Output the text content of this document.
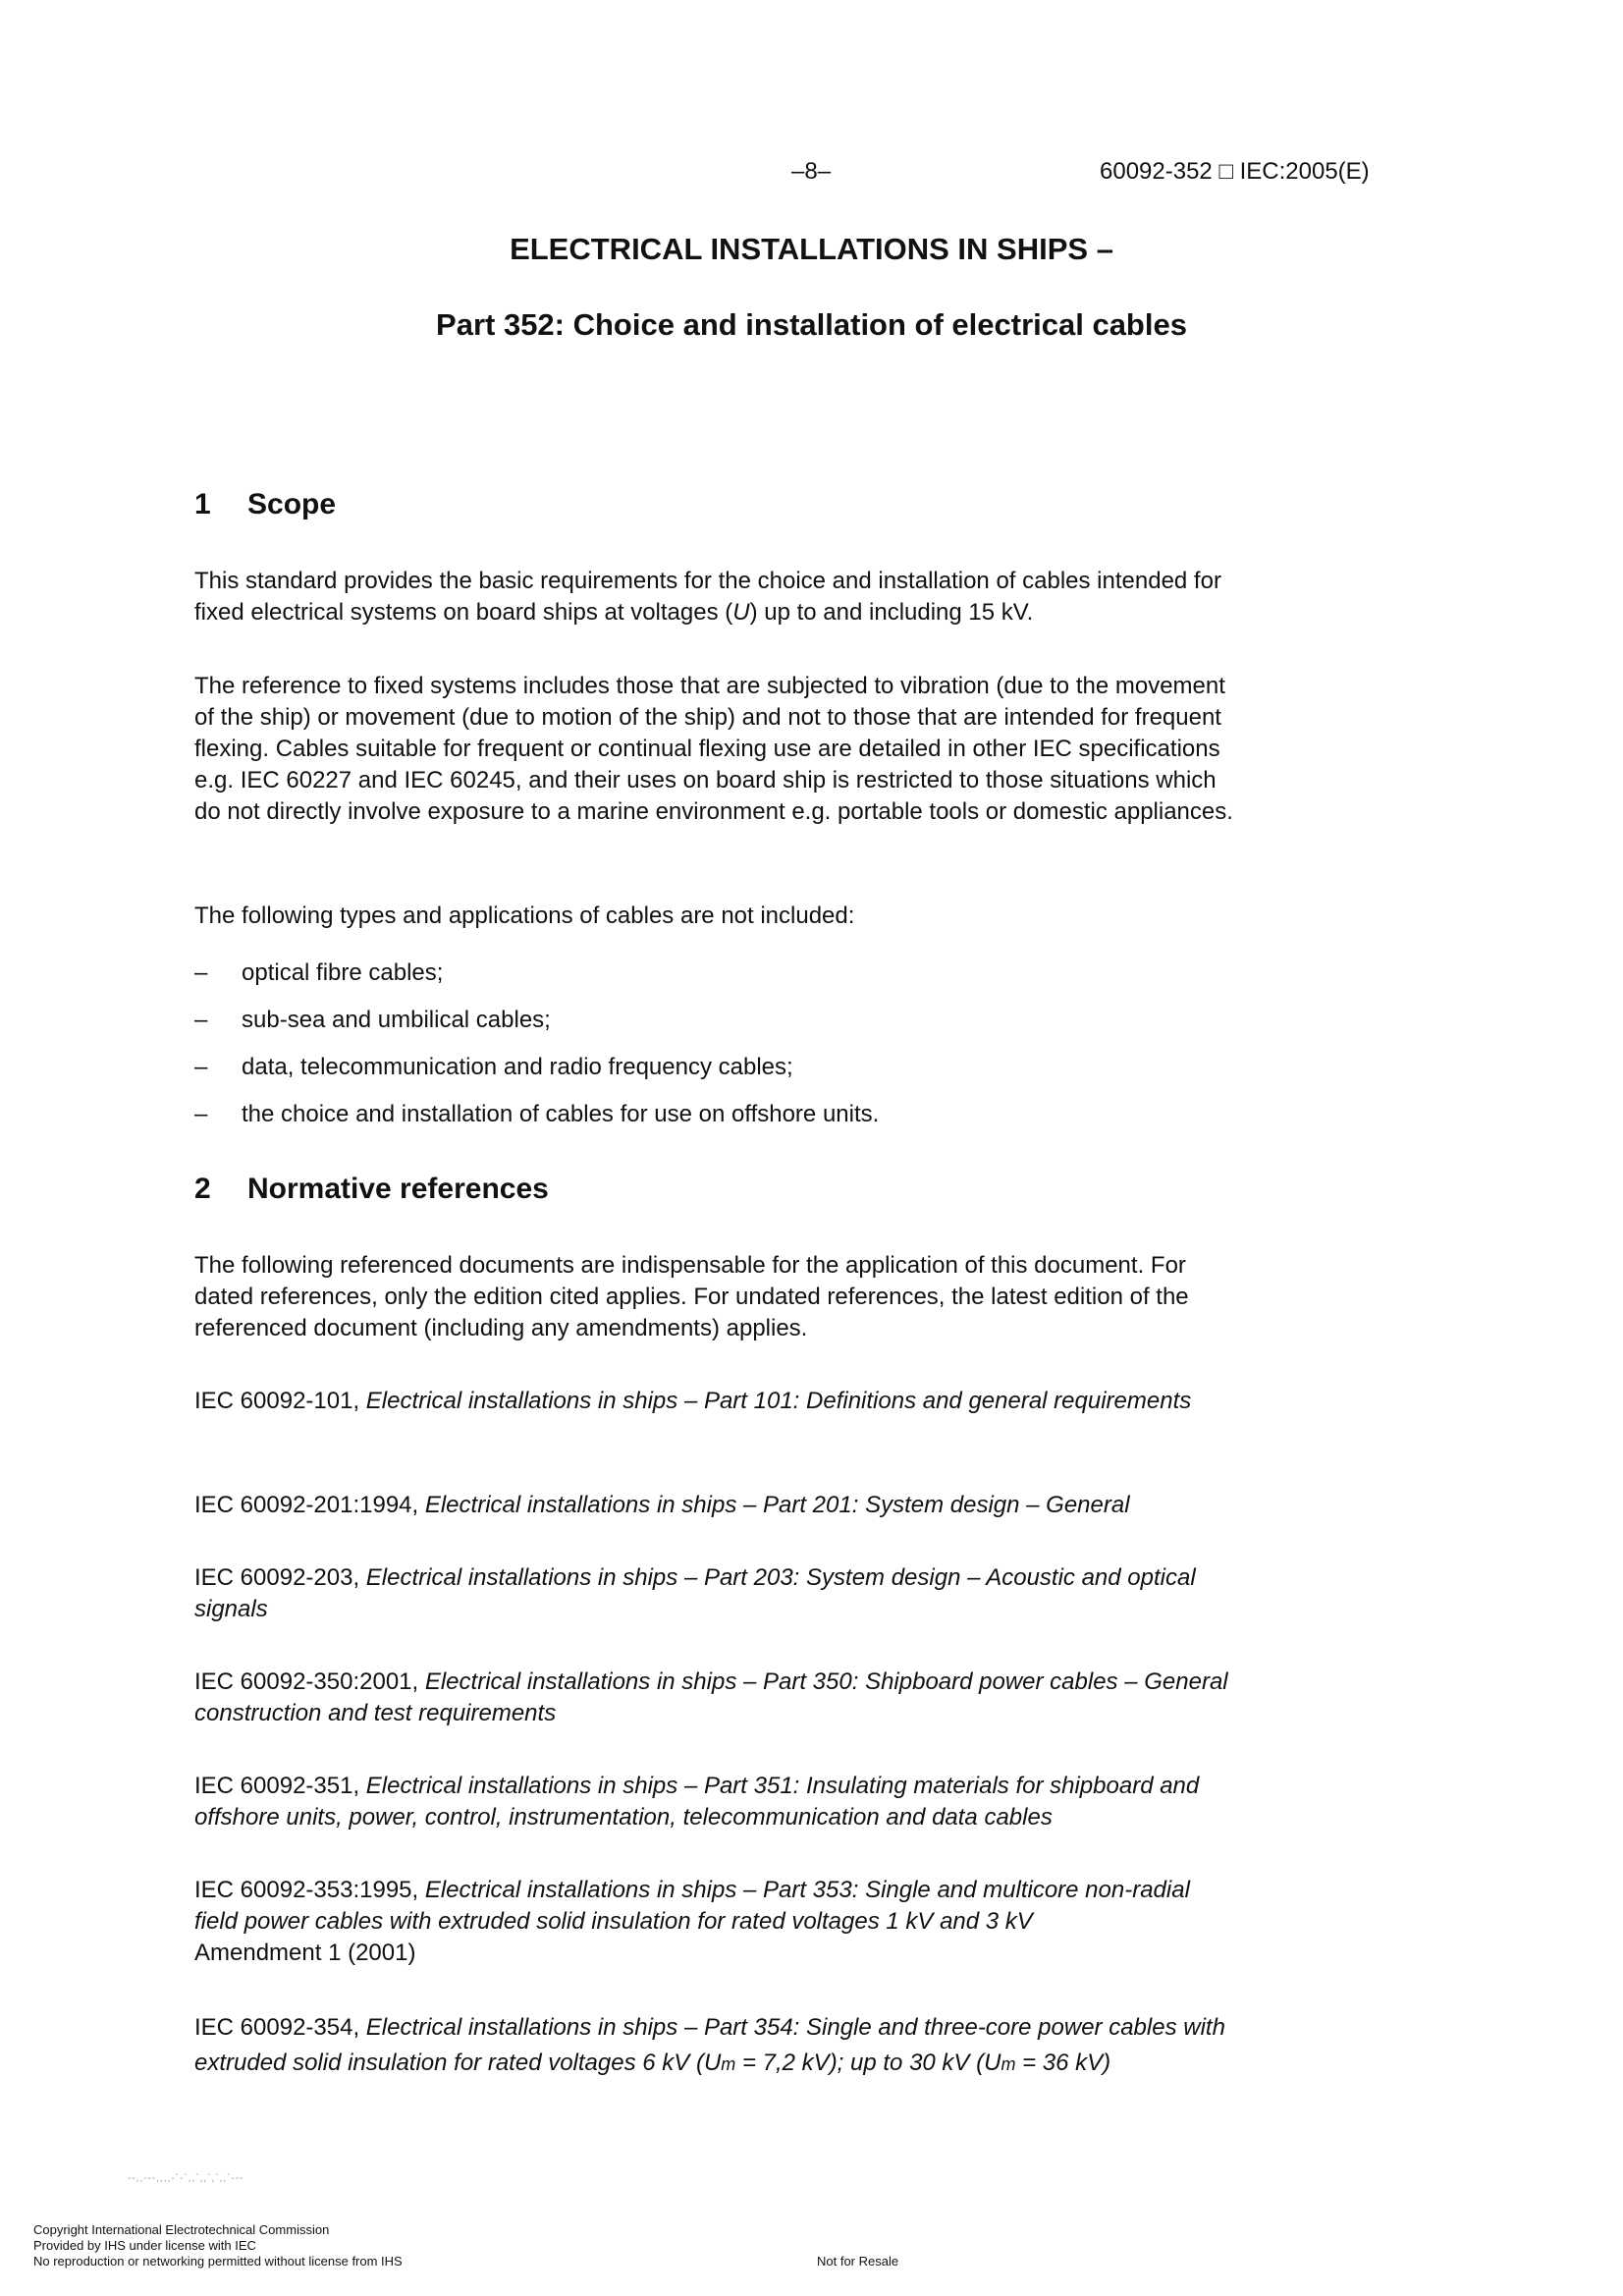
–8–	60092-352 □ IEC:2005(E)
ELECTRICAL INSTALLATIONS IN SHIPS –
Part 352: Choice and installation of electrical cables
1 Scope

This standard provides the basic requirements for the choice and installation of cables intended for fixed electrical systems on board ships at voltages (U) up to and including 15 kV.

The reference to fixed systems includes those that are subjected to vibration (due to the movement of the ship) or movement (due to motion of the ship) and not to those that are intended for frequent flexing. Cables suitable for frequent or continual flexing use are detailed in other IEC specifications e.g. IEC 60227 and IEC 60245, and their uses on board ship is restricted to those situations which do not directly involve exposure to a marine environment e.g. portable tools or domestic appliances.

The following types and applications of cables are not included:

– optical fibre cables;
– sub-sea and umbilical cables;
– data, telecommunication and radio frequency cables;
– the choice and installation of cables for use on offshore units.
2 Normative references

The following referenced documents are indispensable for the application of this document. For dated references, only the edition cited applies. For undated references, the latest edition of the referenced document (including any amendments) applies.

IEC 60092-101, Electrical installations in ships – Part 101: Definitions and general requirements

IEC 60092-201:1994, Electrical installations in ships – Part 201: System design – General

IEC 60092-203, Electrical installations in ships – Part 203: System design – Acoustic and optical signals

IEC 60092-350:2001, Electrical installations in ships – Part 350: Shipboard power cables – General construction and test requirements

IEC 60092-351, Electrical installations in ships – Part 351: Insulating materials for shipboard and offshore units, power, control, instrumentation, telecommunication and data cables

IEC 60092-353:1995, Electrical installations in ships – Part 353: Single and multicore non-radial field power cables with extruded solid insulation for rated voltages 1 kV and 3 kV
Amendment 1 (2001)

IEC 60092-354, Electrical installations in ships – Part 354: Single and three-core power cables with extruded solid insulation for rated voltages 6 kV (Um = 7,2 kV); up to 30 kV (Um = 36 kV)

--,,---,,,,-`-`,,`,,`,`,,`---
Copyright International Electrotechnical Commission
Provided by IHS under license with IEC
No reproduction or networking permitted without license from IHS	Not for Resale
